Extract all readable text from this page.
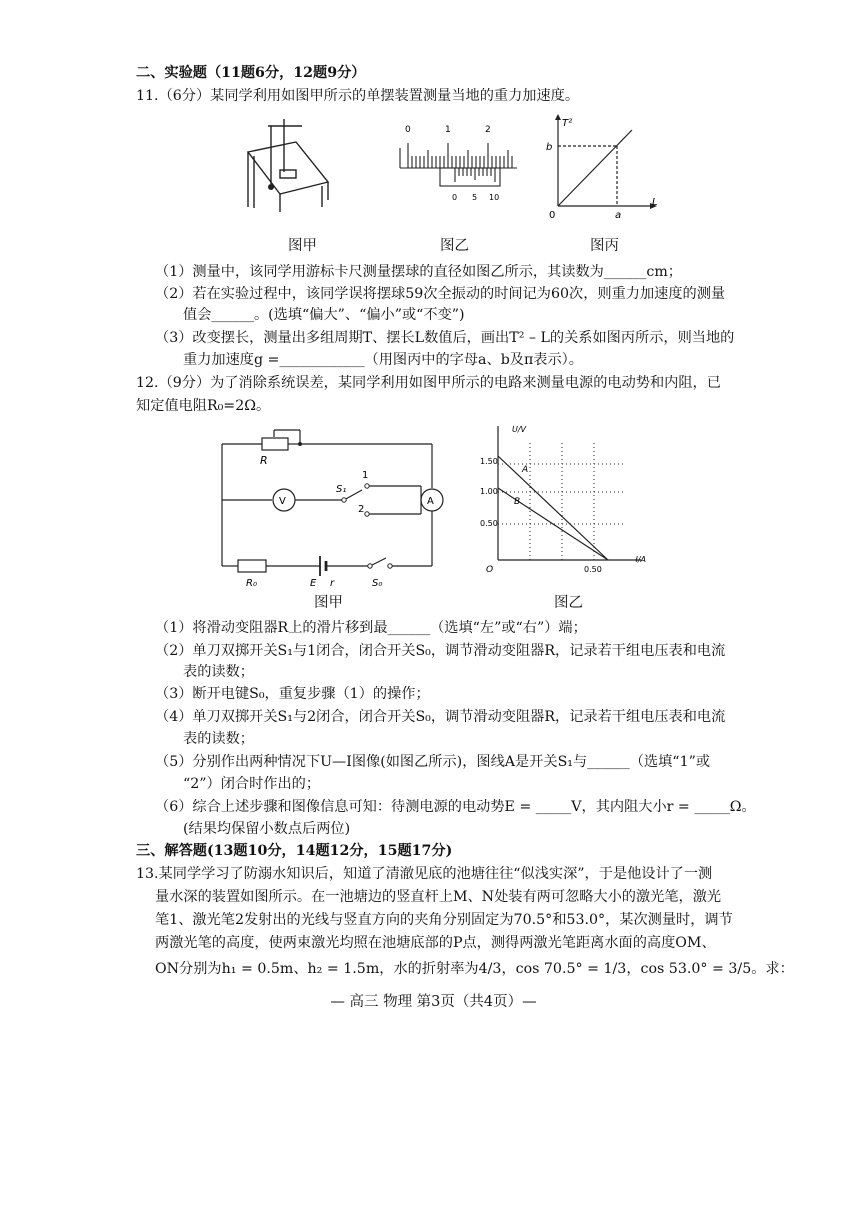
二、实验题（11题6分，12题9分）
11.（6分）某同学利用如图甲所示的单摆装置测量当地的重力加速度。
图甲
0	1	2
0 5 10
图乙
T²
L
b
a
0
图丙
（1）测量中，该同学用游标卡尺测量摆球的直径如图乙所示，其读数为______cm；
（2）若在实验过程中，该同学误将摆球59次全振动的时间记为60次，则重力加速度的测量
值会______。(选填“偏大”、“偏小”或“不变”)
（3）改变摆长，测量出多组周期T、摆长L数值后，画出T² – L的关系如图丙所示，则当地的
重力加速度g =____________（用图丙中的字母a、b及π表示）。
12.（9分）为了消除系统误差，某同学利用如图甲所示的电路来测量电源的电动势和内阻，已
知定值电阻R₀=2Ω。
R
V	A
S₁
1
2
R₀	E r	S₀
图甲
U/V
I/A
1.50
1.00
0.50
0.50
O
A
B
图乙
（1）将滑动变阻器R上的滑片移到最______（选填“左”或“右”）端；
（2）单刀双掷开关S₁与1闭合，闭合开关S₀，调节滑动变阻器R，记录若干组电压表和电流
表的读数；
（3）断开电键S₀，重复步骤（1）的操作；
（4）单刀双掷开关S₁与2闭合，闭合开关S₀，调节滑动变阻器R，记录若干组电压表和电流
表的读数；
（5）分别作出两种情况下U—I图像(如图乙所示)，图线A是开关S₁与______（选填“1”或
“2”）闭合时作出的；
（6）综合上述步骤和图像信息可知：待测电源的电动势E = _____V，其内阻大小r = _____Ω。
(结果均保留小数点后两位)
三、解答题(13题10分，14题12分，15题17分)
13.某同学学习了防溺水知识后，知道了清澈见底的池塘往往“似浅实深”，于是他设计了一测
量水深的装置如图所示。在一池塘边的竖直杆上M、N处装有两可忽略大小的激光笔，激光
笔1、激光笔2发射出的光线与竖直方向的夹角分别固定为70.5°和53.0°，某次测量时，调节
两激光笔的高度，使两束激光均照在池塘底部的P点，测得两激光笔距离水面的高度OM、
ON分别为h₁ = 0.5m、h₂ = 1.5m，水的折射率为4/3，cos 70.5° = 1/3，cos 53.0° = 3/5。求：
— 高三 物理 第3页（共4页）—
